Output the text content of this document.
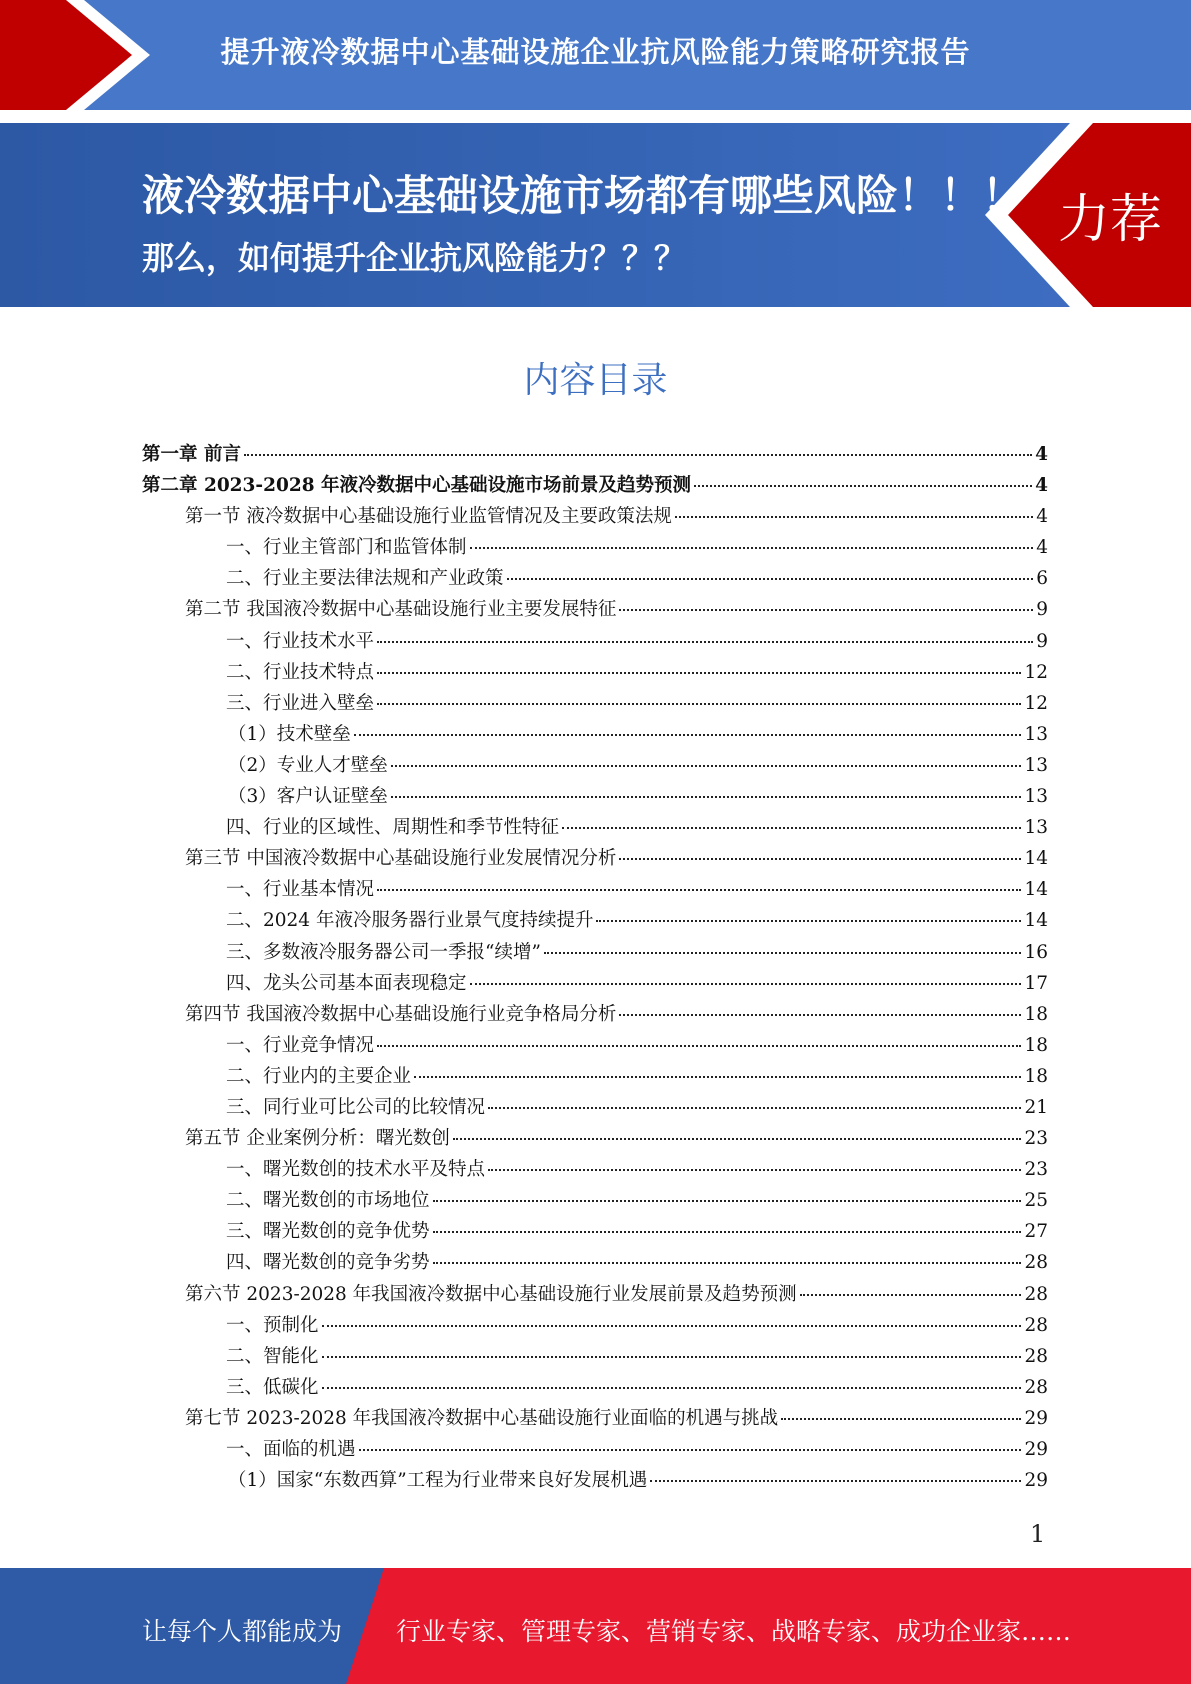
提升液冷数据中心基础设施企业抗风险能力策略研究报告
液冷数据中心基础设施市场都有哪些风险！！！
那么，如何提升企业抗风险能力？？？
力荐
内容目录
第一章 前言	4
第二章 2023-2028 年液冷数据中心基础设施市场前景及趋势预测	4
第一节 液冷数据中心基础设施行业监管情况及主要政策法规	4
一、行业主管部门和监管体制	4
二、行业主要法律法规和产业政策	6
第二节 我国液冷数据中心基础设施行业主要发展特征	9
一、行业技术水平	9
二、行业技术特点	12
三、行业进入壁垒	12
（1）技术壁垒	13
（2）专业人才壁垒	13
（3）客户认证壁垒	13
四、行业的区域性、周期性和季节性特征	13
第三节 中国液冷数据中心基础设施行业发展情况分析	14
一、行业基本情况	14
二、2024 年液冷服务器行业景气度持续提升	14
三、多数液冷服务器公司一季报“续增”	16
四、龙头公司基本面表现稳定	17
第四节 我国液冷数据中心基础设施行业竞争格局分析	18
一、行业竞争情况	18
二、行业内的主要企业	18
三、同行业可比公司的比较情况	21
第五节 企业案例分析：曙光数创	23
一、曙光数创的技术水平及特点	23
二、曙光数创的市场地位	25
三、曙光数创的竞争优势	27
四、曙光数创的竞争劣势	28
第六节 2023-2028 年我国液冷数据中心基础设施行业发展前景及趋势预测	28
一、预制化	28
二、智能化	28
三、低碳化	28
第七节 2023-2028 年我国液冷数据中心基础设施行业面临的机遇与挑战	29
一、面临的机遇	29
（1）国家“东数西算”工程为行业带来良好发展机遇	29
1
让每个人都能成为 行业专家、管理专家、营销专家、战略专家、成功企业家……
